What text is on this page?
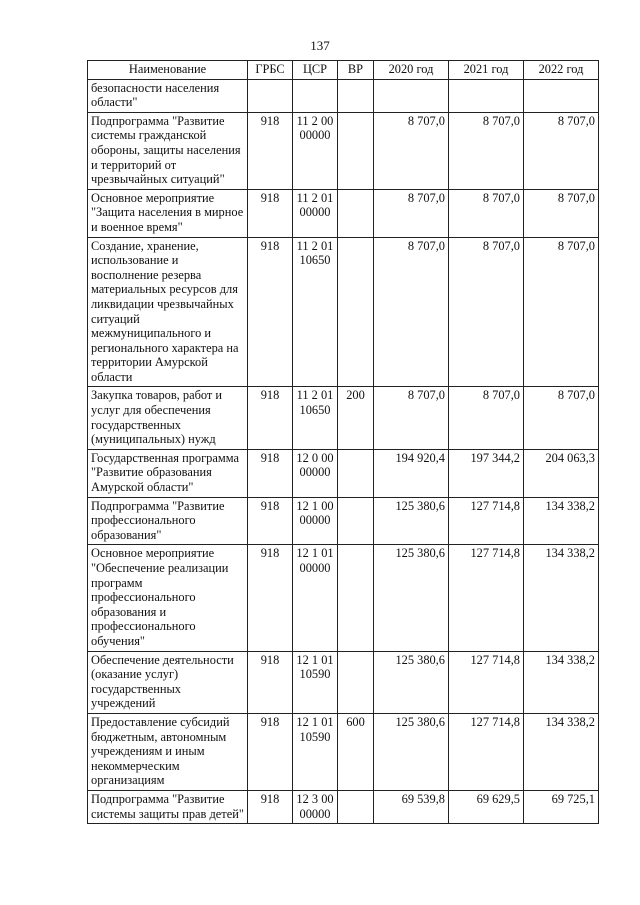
137
Наименование	ГРБС	ЦСР	ВР	2020 год	2021 год	2022 год
безопасности населения области"						
Подпрограмма "Развитие системы гражданской обороны, защиты населения и территорий от чрезвычайных ситуаций"	918	11 2 00 00000		8 707,0	8 707,0	8 707,0
Основное мероприятие "Защита населения в мирное и военное время"	918	11 2 01 00000		8 707,0	8 707,0	8 707,0
Создание, хранение, использование и восполнение резерва материальных ресурсов для ликвидации чрезвычайных ситуаций межмуниципального и регионального характера на территории Амурской области	918	11 2 01 10650		8 707,0	8 707,0	8 707,0
Закупка товаров, работ и услуг для обеспечения государственных (муниципальных) нужд	918	11 2 01 10650	200	8 707,0	8 707,0	8 707,0
Государственная программа "Развитие образования Амурской области"	918	12 0 00 00000		194 920,4	197 344,2	204 063,3
Подпрограмма "Развитие профессионального образования"	918	12 1 00 00000		125 380,6	127 714,8	134 338,2
Основное мероприятие "Обеспечение реализации программ профессионального образования и профессионального обучения"	918	12 1 01 00000		125 380,6	127 714,8	134 338,2
Обеспечение деятельности (оказание услуг) государственных учреждений	918	12 1 01 10590		125 380,6	127 714,8	134 338,2
Предоставление субсидий бюджетным, автономным учреждениям и иным некоммерческим организациям	918	12 1 01 10590	600	125 380,6	127 714,8	134 338,2
Подпрограмма "Развитие системы защиты прав детей"	918	12 3 00 00000		69 539,8	69 629,5	69 725,1
